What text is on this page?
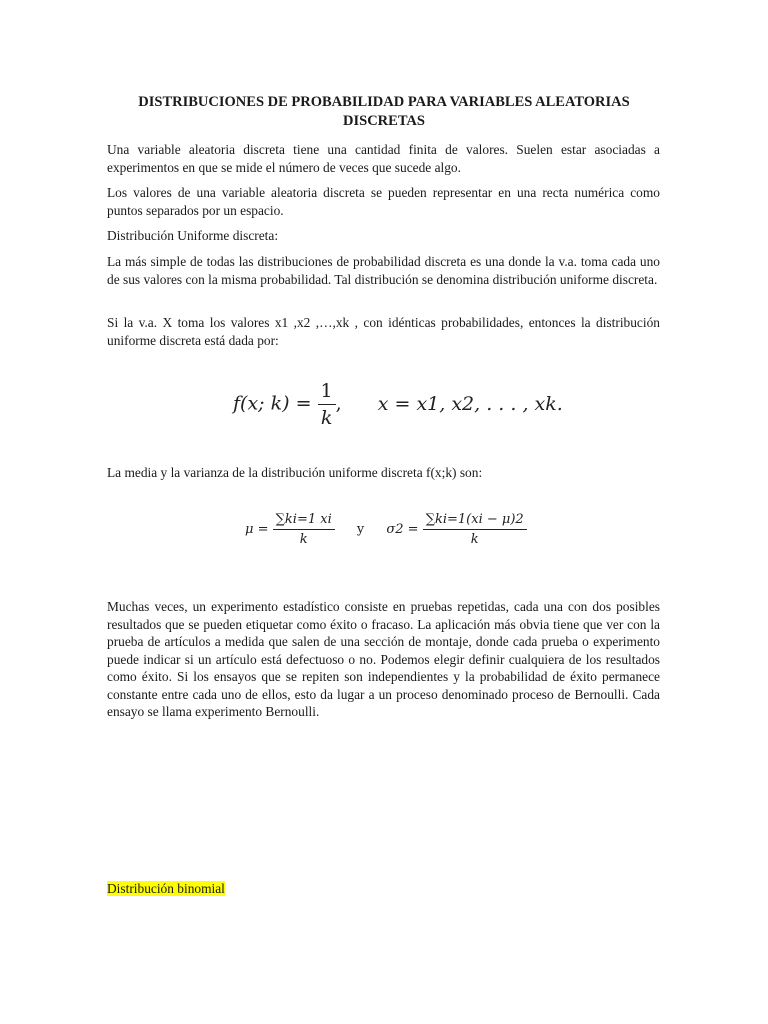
DISTRIBUCIONES DE PROBABILIDAD PARA VARIABLES ALEATORIAS DISCRETAS

Una variable aleatoria discreta tiene una cantidad finita de valores. Suelen estar asociadas a experimentos en que se mide el número de veces que sucede algo.

Los valores de una variable aleatoria discreta se pueden representar en una recta numérica como puntos separados por un espacio.

Distribución Uniforme discreta:

La más simple de todas las distribuciones de probabilidad discreta es una donde la v.a. toma cada uno de sus valores con la misma probabilidad. Tal distribución se denomina distribución uniforme discreta.

Si la v.a. X toma los valores x1 ,x2 ,…,xk , con idénticas probabilidades, entonces la distribución uniforme discreta está dada por:

f(x; $k) = \frac{1}{k}$ , x = x1, x2, . . . , xk.

La media y la varianza de la distribución uniforme discreta f(x;k) son:

$\mu = \frac{\sum ki=1 xi}{k}$ y $\sigma 2 = \frac{\sum ki=1(xi - \mu)2}{k}$

Muchas veces, un experimento estadístico consiste en pruebas repetidas, cada una con dos posibles resultados que se pueden etiquetar como éxito o fracaso. La aplicación más obvia tiene que ver con la prueba de artículos a medida que salen de una sección de montaje, donde cada prueba o experimento puede indicar si un artículo está defectuoso o no. Podemos elegir definir cualquiera de los resultados como éxito. Si los ensayos que se repiten son independientes y la probabilidad de éxito permanece constante entre cada uno de ellos, esto da lugar a un proceso denominado proceso de Bernoulli. Cada ensayo se llama experimento Bernoulli.

Distribución binomial
